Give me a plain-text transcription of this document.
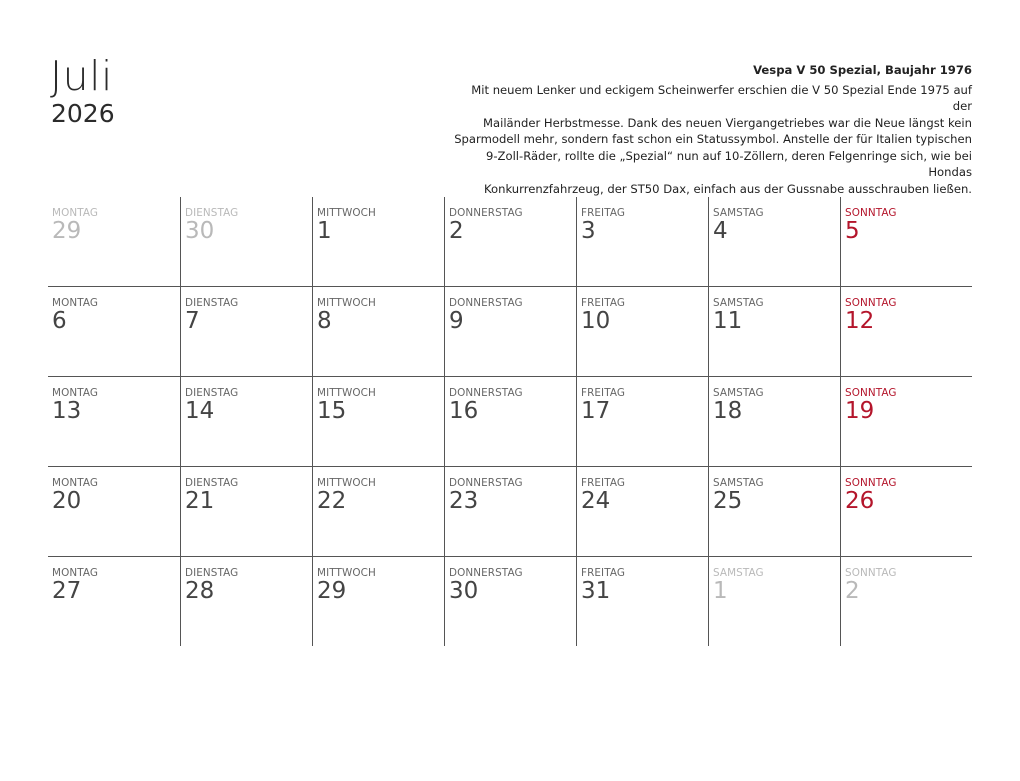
Juli
2026
Vespa V 50 Spezial, Baujahr 1976
Mit neuem Lenker und eckigem Scheinwerfer erschien die V 50 Spezial Ende 1975 auf der
Mailänder Herbstmesse. Dank des neuen Viergangetriebes war die Neue längst kein
Sparmodell mehr, sondern fast schon ein Statussymbol. Anstelle der für Italien typischen
9-Zoll-Räder, rollte die „Spezial“ nun auf 10-Zöllern, deren Felgenringe sich, wie bei Hondas
Konkurrenzfahrzeug, der ST50 Dax, einfach aus der Gussnabe ausschrauben ließen.
MONTAG
29
DIENSTAG
30
MITTWOCH
1
DONNERSTAG
2
FREITAG
3
SAMSTAG
4
SONNTAG
5
MONTAG
6
DIENSTAG
7
MITTWOCH
8
DONNERSTAG
9
FREITAG
10
SAMSTAG
11
SONNTAG
12
MONTAG
13
DIENSTAG
14
MITTWOCH
15
DONNERSTAG
16
FREITAG
17
SAMSTAG
18
SONNTAG
19
MONTAG
20
DIENSTAG
21
MITTWOCH
22
DONNERSTAG
23
FREITAG
24
SAMSTAG
25
SONNTAG
26
MONTAG
27
DIENSTAG
28
MITTWOCH
29
DONNERSTAG
30
FREITAG
31
SAMSTAG
1
SONNTAG
2
